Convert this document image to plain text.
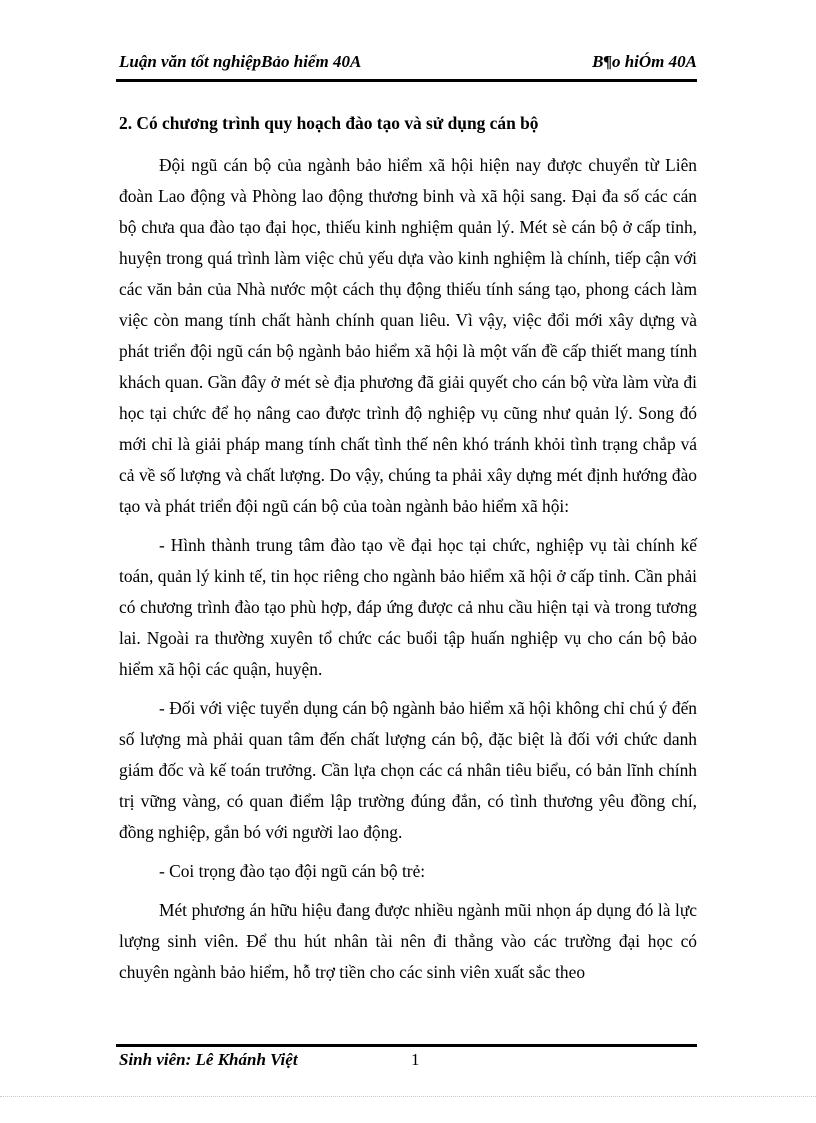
Luận văn tốt nghiệpBảo hiểm 40A	B¶o hiÓm 40A
2. Có chương trình quy hoạch đào tạo và sử dụng cán bộ

Đội ngũ cán bộ của ngành bảo hiểm xã hội hiện nay được chuyển từ Liên đoàn Lao động và Phòng lao động thương binh và xã hội sang. Đại đa số các cán bộ chưa qua đào tạo đại học, thiếu kinh nghiệm quản lý. Mét sè cán bộ ở cấp tỉnh, huyện trong quá trình làm việc chủ yếu dựa vào kinh nghiệm là chính, tiếp cận với các văn bản của Nhà nước một cách thụ động thiếu tính sáng tạo, phong cách làm việc còn mang tính chất hành chính quan liêu. Vì vậy, việc đổi mới xây dựng và phát triển đội ngũ cán bộ ngành bảo hiểm xã hội là một vấn đề cấp thiết mang tính khách quan. Gần đây ở mét sè địa phương đã giải quyết cho cán bộ vừa làm vừa đi học tại chức để họ nâng cao được trình độ nghiệp vụ cũng như quản lý. Song đó mới chỉ là giải pháp mang tính chất tình thế nên khó tránh khỏi tình trạng chắp vá cả về số lượng và chất lượng. Do vậy, chúng ta phải xây dựng mét định hướng đào tạo và phát triển đội ngũ cán bộ của toàn ngành bảo hiểm xã hội:

- Hình thành trung tâm đào tạo về đại học tại chức, nghiệp vụ tài chính kế toán, quản lý kinh tế, tin học riêng cho ngành bảo hiểm xã hội ở cấp tỉnh. Cần phải có chương trình đào tạo phù hợp, đáp ứng được cả nhu cầu hiện tại và trong tương lai. Ngoài ra thường xuyên tổ chức các buổi tập huấn nghiệp vụ cho cán bộ bảo hiểm xã hội các quận, huyện.

- Đối với việc tuyển dụng cán bộ ngành bảo hiểm xã hội không chỉ chú ý đến số lượng mà phải quan tâm đến chất lượng cán bộ, đặc biệt là đối với chức danh giám đốc và kế toán trưởng. Cần lựa chọn các cá nhân tiêu biểu, có bản lĩnh chính trị vững vàng, có quan điểm lập trường đúng đắn, có tình thương yêu đồng chí, đồng nghiệp, gắn bó với người lao động.

- Coi trọng đào tạo đội ngũ cán bộ trẻ:

Mét phương án hữu hiệu đang được nhiều ngành mũi nhọn áp dụng đó là lực lượng sinh viên. Để thu hút nhân tài nên đi thẳng vào các trường đại học có chuyên ngành bảo hiểm, hỗ trợ tiền cho các sinh viên xuất sắc theo

Sinh viên: Lê Khánh Việt	1
